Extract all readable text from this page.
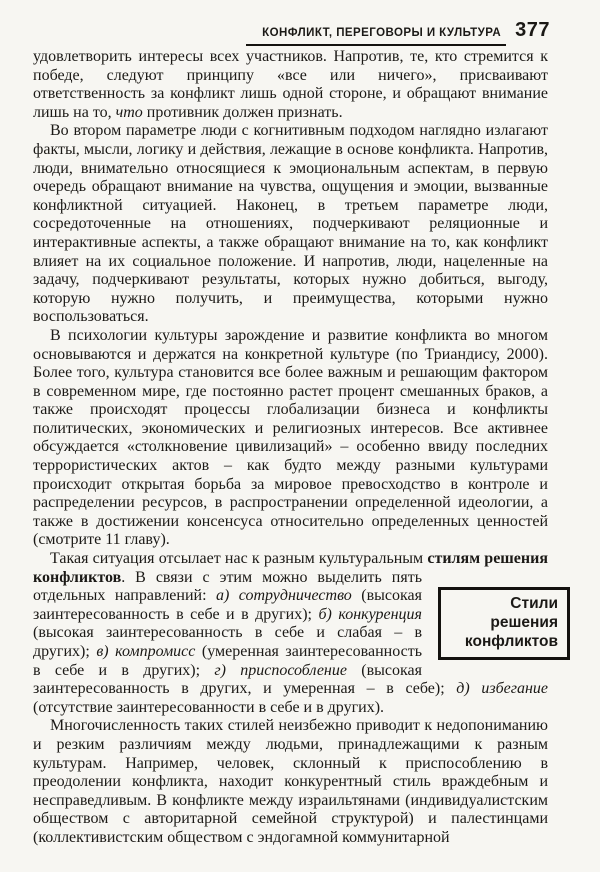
КОНФЛИКТ, ПЕРЕГОВОРЫ И КУЛЬТУРА 377

удовлетворить интересы всех участников. Напротив, те, кто стремится к победе, следуют принципу «все или ничего», присваивают ответственность за конфликт лишь одной стороне, и обращают внимание лишь на то, что противник должен признать.

Во втором параметре люди с когнитивным подходом наглядно излагают факты, мысли, логику и действия, лежащие в основе конфликта. Напротив, люди, внимательно относящиеся к эмоциональным аспектам, в первую очередь обращают внимание на чувства, ощущения и эмоции, вызванные конфликтной ситуацией. Наконец, в третьем параметре люди, сосредоточенные на отношениях, подчеркивают реляционные и интерактивные аспекты, а также обращают внимание на то, как конфликт влияет на их социальное положение. И напротив, люди, нацеленные на задачу, подчеркивают результаты, которых нужно добиться, выгоду, которую нужно получить, и преимущества, которыми нужно воспользоваться.

В психологии культуры зарождение и развитие конфликта во многом основываются и держатся на конкретной культуре (по Триандису, 2000). Более того, культура становится все более важным и решающим фактором в современном мире, где постоянно растет процент смешанных браков, а также происходят процессы глобализации бизнеса и конфликты политических, экономических и религиозных интересов. Все активнее обсуждается «столкновение цивилизаций» – особенно ввиду последних террористических актов – как будто между разными культурами происходит открытая борьба за мировое превосходство в контроле и распределении ресурсов, в распространении определенной идеологии, а также в достижении консенсуса относительно определенных ценностей (смотрите 11 главу).

Стили решения конфликтов
Такая ситуация отсылает нас к разным культуральным стилям решения конфликтов. В связи с этим можно выделить пять отдельных направлений: а) сотрудничество (высокая заинтересованность в себе и в других); б) конкуренция (высокая заинтересованность в себе и слабая – в других); в) компромисс (умеренная заинтересованность в себе и в других); г) приспособление (высокая заинтересованность в других, и умеренная – в себе); д) избегание (отсутствие заинтересованности в себе и в других).

Многочисленность таких стилей неизбежно приводит к недопониманию и резким различиям между людьми, принадлежащими к разным культурам. Например, человек, склонный к приспособлению в преодолении конфликта, находит конкурентный стиль враждебным и несправедливым. В конфликте между израильтянами (индивидуалистским обществом с авторитарной семейной структурой) и палестинцами (коллективистским обществом с эндогамной коммунитарной
